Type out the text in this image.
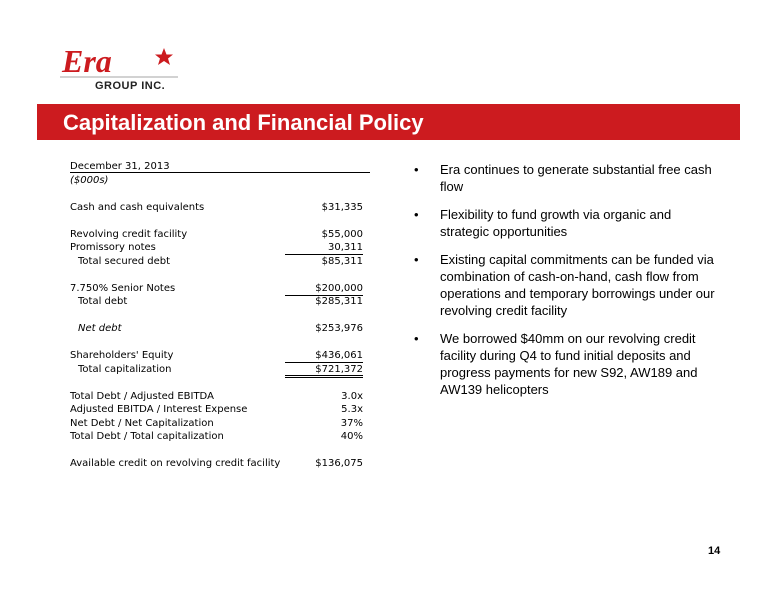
Era
GROUP INC.
Capitalization and Financial Policy
December 31, 2013
($000s)
Cash and cash equivalents	$31,335
Revolving credit facility	$55,000
Promissory notes	30,311
Total secured debt	$85,311
7.750% Senior Notes	$200,000
Total debt	$285,311
Net debt	$253,976
Shareholders' Equity	$436,061
Total capitalization	$721,372
Total Debt / Adjusted EBITDA	3.0x
Adjusted EBITDA / Interest Expense	5.3x
Net Debt / Net Capitalization	37%
Total Debt / Total capitalization	40%
Available credit on revolving credit facility	$136,075
• Era continues to generate substantial free cash flow
• Flexibility to fund growth via organic and strategic opportunities
• Existing capital commitments can be funded via combination of cash-on-hand, cash flow from operations and temporary borrowings under our revolving credit facility
• We borrowed $40mm on our revolving credit facility during Q4 to fund initial deposits and progress payments for new S92, AW189 and AW139 helicopters
14
